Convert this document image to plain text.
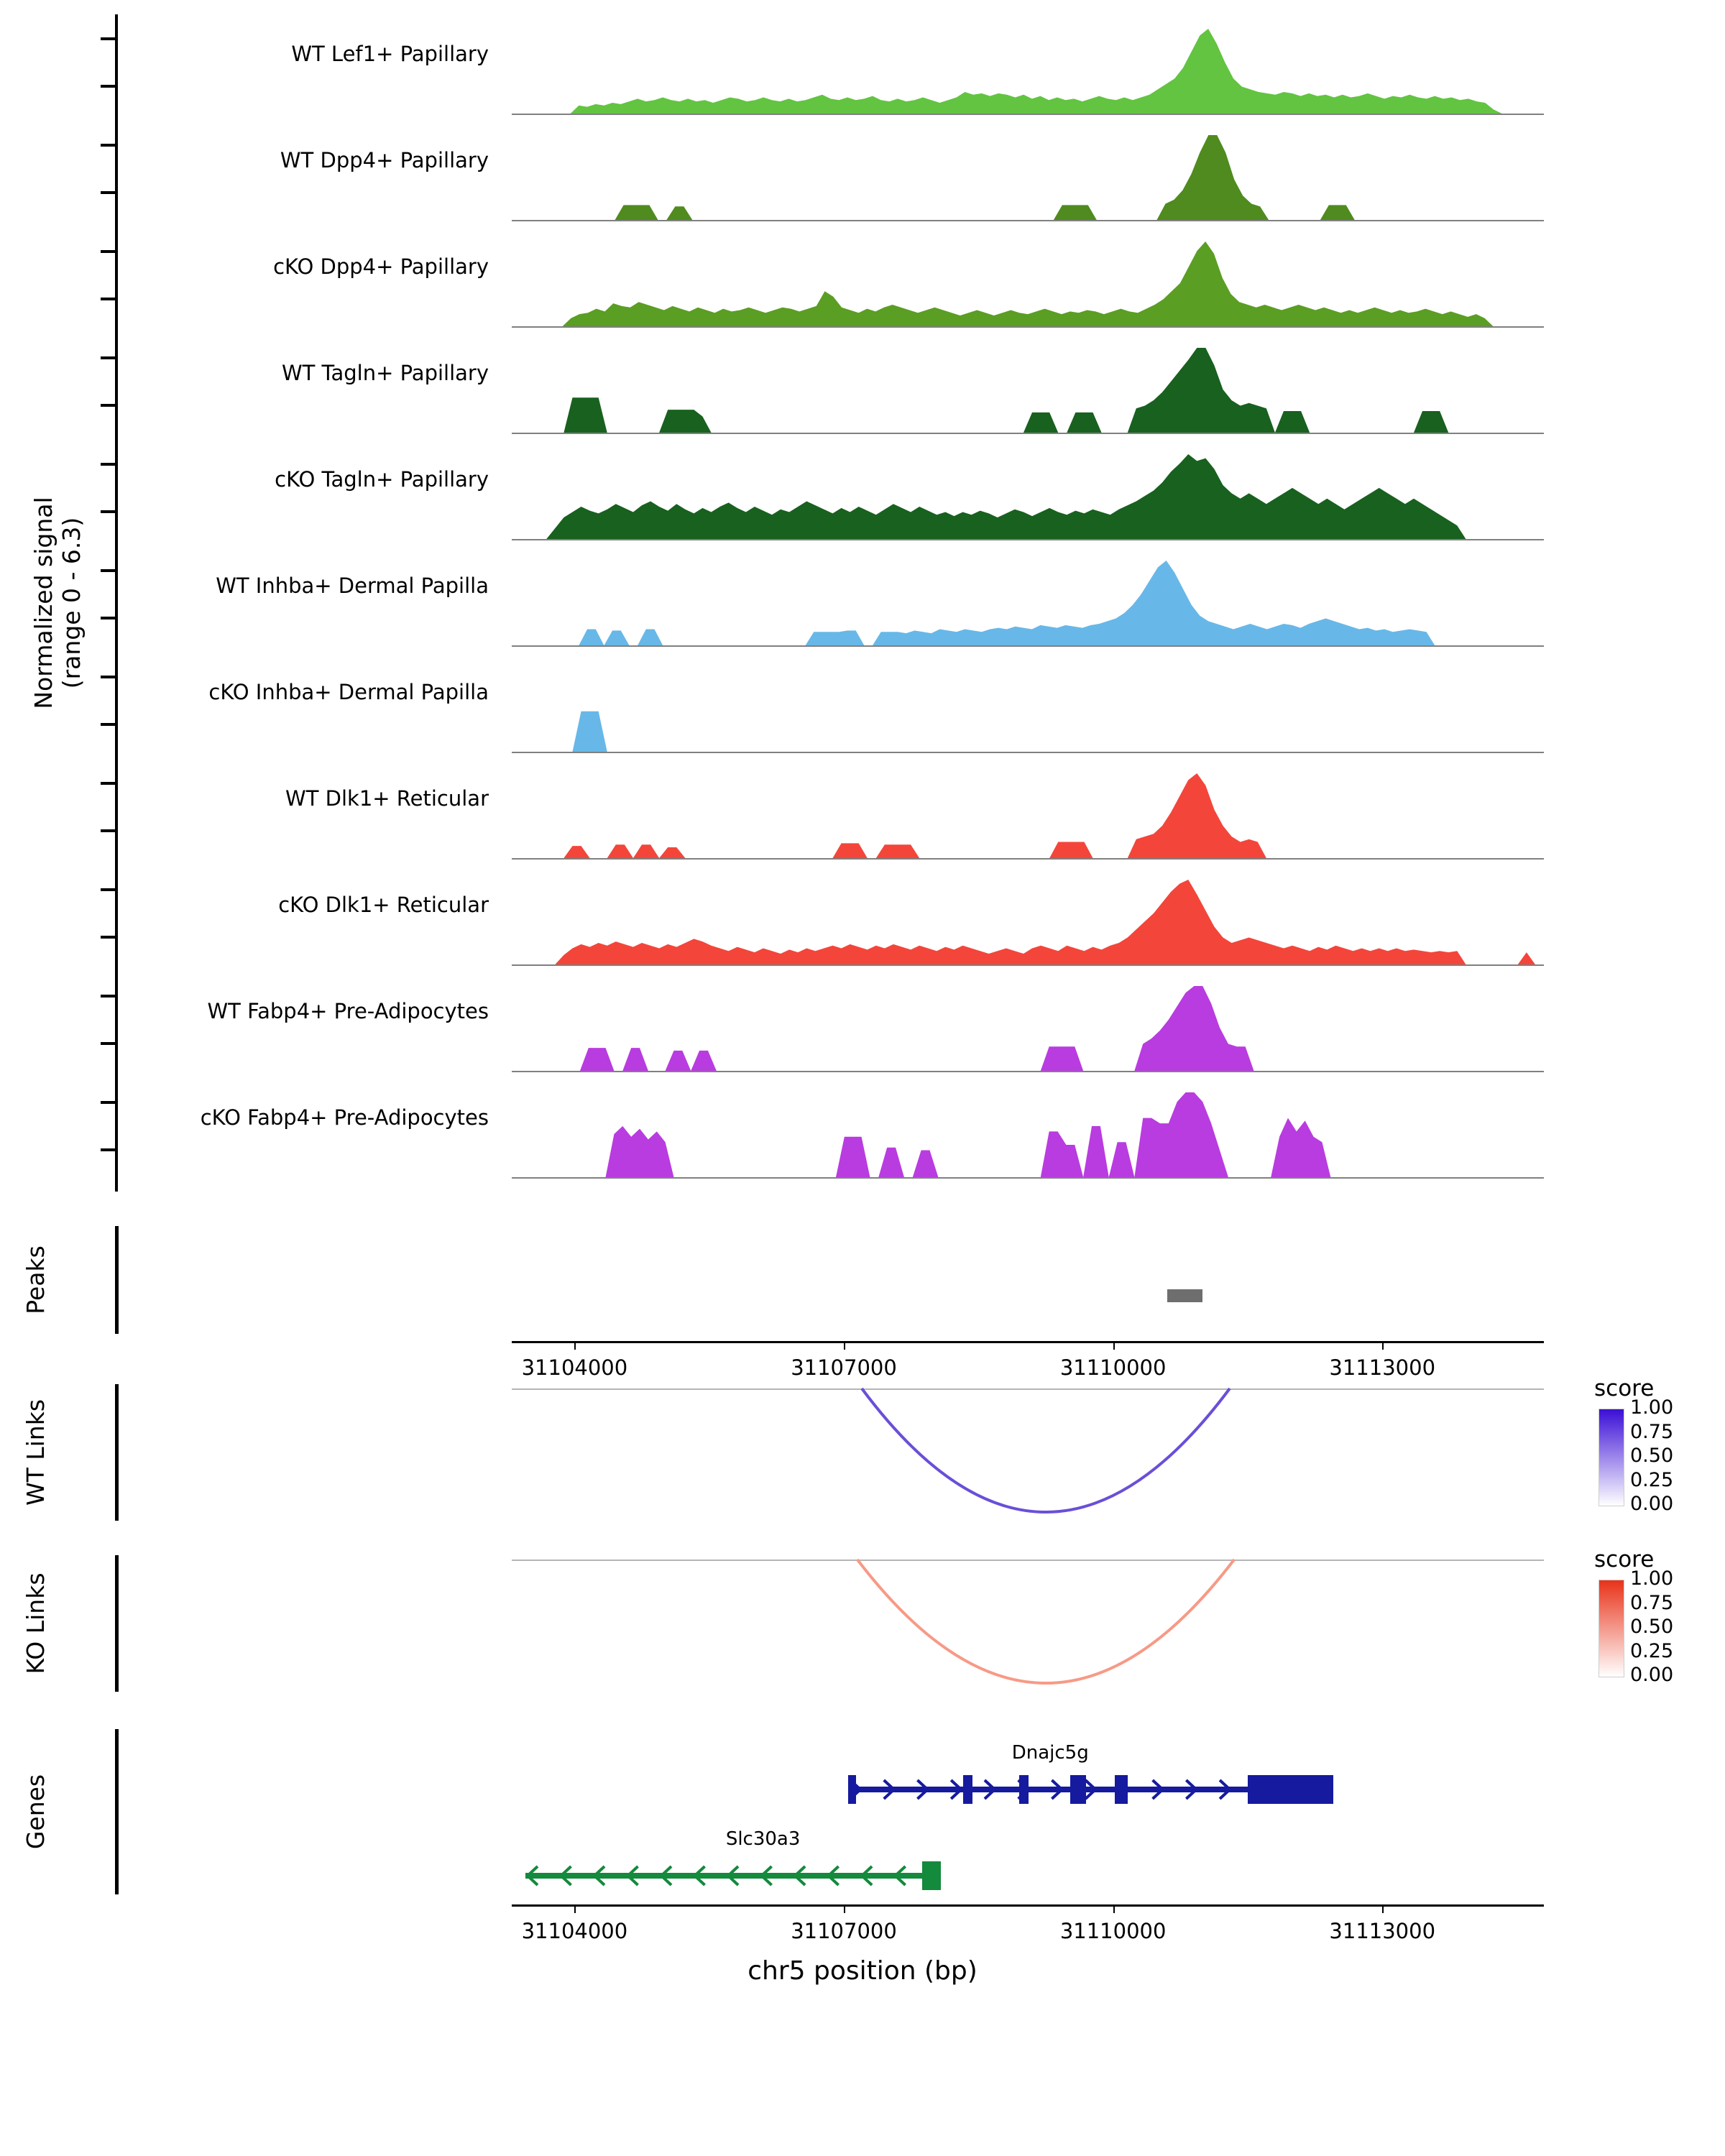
Normalized signal (range 0 - 6.3)
WT Lef1+ Papillary
WT Dpp4+ Papillary
cKO Dpp4+ Papillary
WT Tagln+ Papillary
cKO Tagln+ Papillary
WT Inhba+ Dermal Papilla
cKO Inhba+ Dermal Papilla
WT Dlk1+ Reticular
cKO Dlk1+ Reticular
WT Fabp4+ Pre-Adipocytes
cKO Fabp4+ Pre-Adipocytes
Peaks
31104000	31107000	31110000	31113000
WT Links
KO Links
Genes
Dnajc5g
Slc30a3
31104000	31107000	31110000	31113000
chr5 position (bp)
score
1.00
0.75
0.50
0.25
0.00
score
1.00
0.75
0.50
0.25
0.00
